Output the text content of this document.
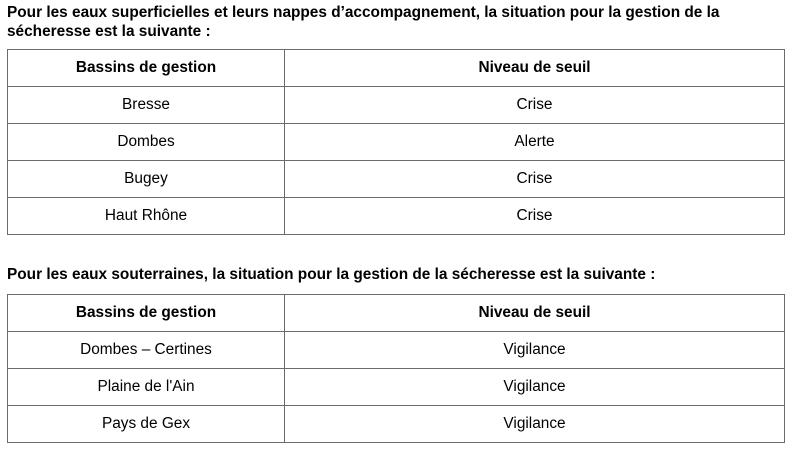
Pour les eaux superficielles et leurs nappes d’accompagnement, la situation pour la gestion de la sécheresse est la suivante :

Bassins de gestion	Niveau de seuil
Bresse	Crise
Dombes	Alerte
Bugey	Crise
Haut Rhône	Crise

Pour les eaux souterraines, la situation pour la gestion de la sécheresse est la suivante :

Bassins de gestion	Niveau de seuil
Dombes – Certines	Vigilance
Plaine de l'Ain	Vigilance
Pays de Gex	Vigilance
